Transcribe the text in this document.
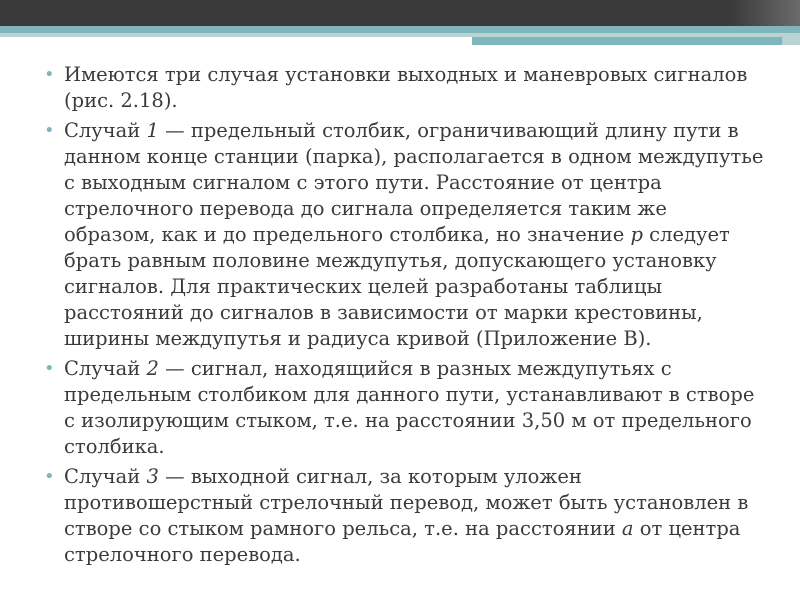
• Имеются три случая установки выходных и маневровых сигналов (рис. 2.18).
• Случай 1 — предельный столбик, ограничивающий длину пути в данном конце станции (парка), располагается в одном междупутье с выходным сигналом с этого пути. Расстояние от центра стрелочного перевода до сигнала определяется таким же образом, как и до предельного столбика, но значение р следует брать равным половине междупутья, допускающего установку сигналов. Для практических целей разработаны таблицы расстояний до сигналов в зависимости от марки крестовины, ширины междупутья и радиуса кривой (Приложение В).
• Случай 2 — сигнал, находящийся в разных междупутьях с предельным столбиком для данного пути, устанавливают в створе с изолирующим стыком, т.е. на расстоянии 3,50 м от предельного столбика.
• Случай 3 — выходной сигнал, за которым уложен противошерстный стрелочный перевод, может быть установлен в створе со стыком рамного рельса, т.е. на расстоянии а от центра стрелочного перевода.
